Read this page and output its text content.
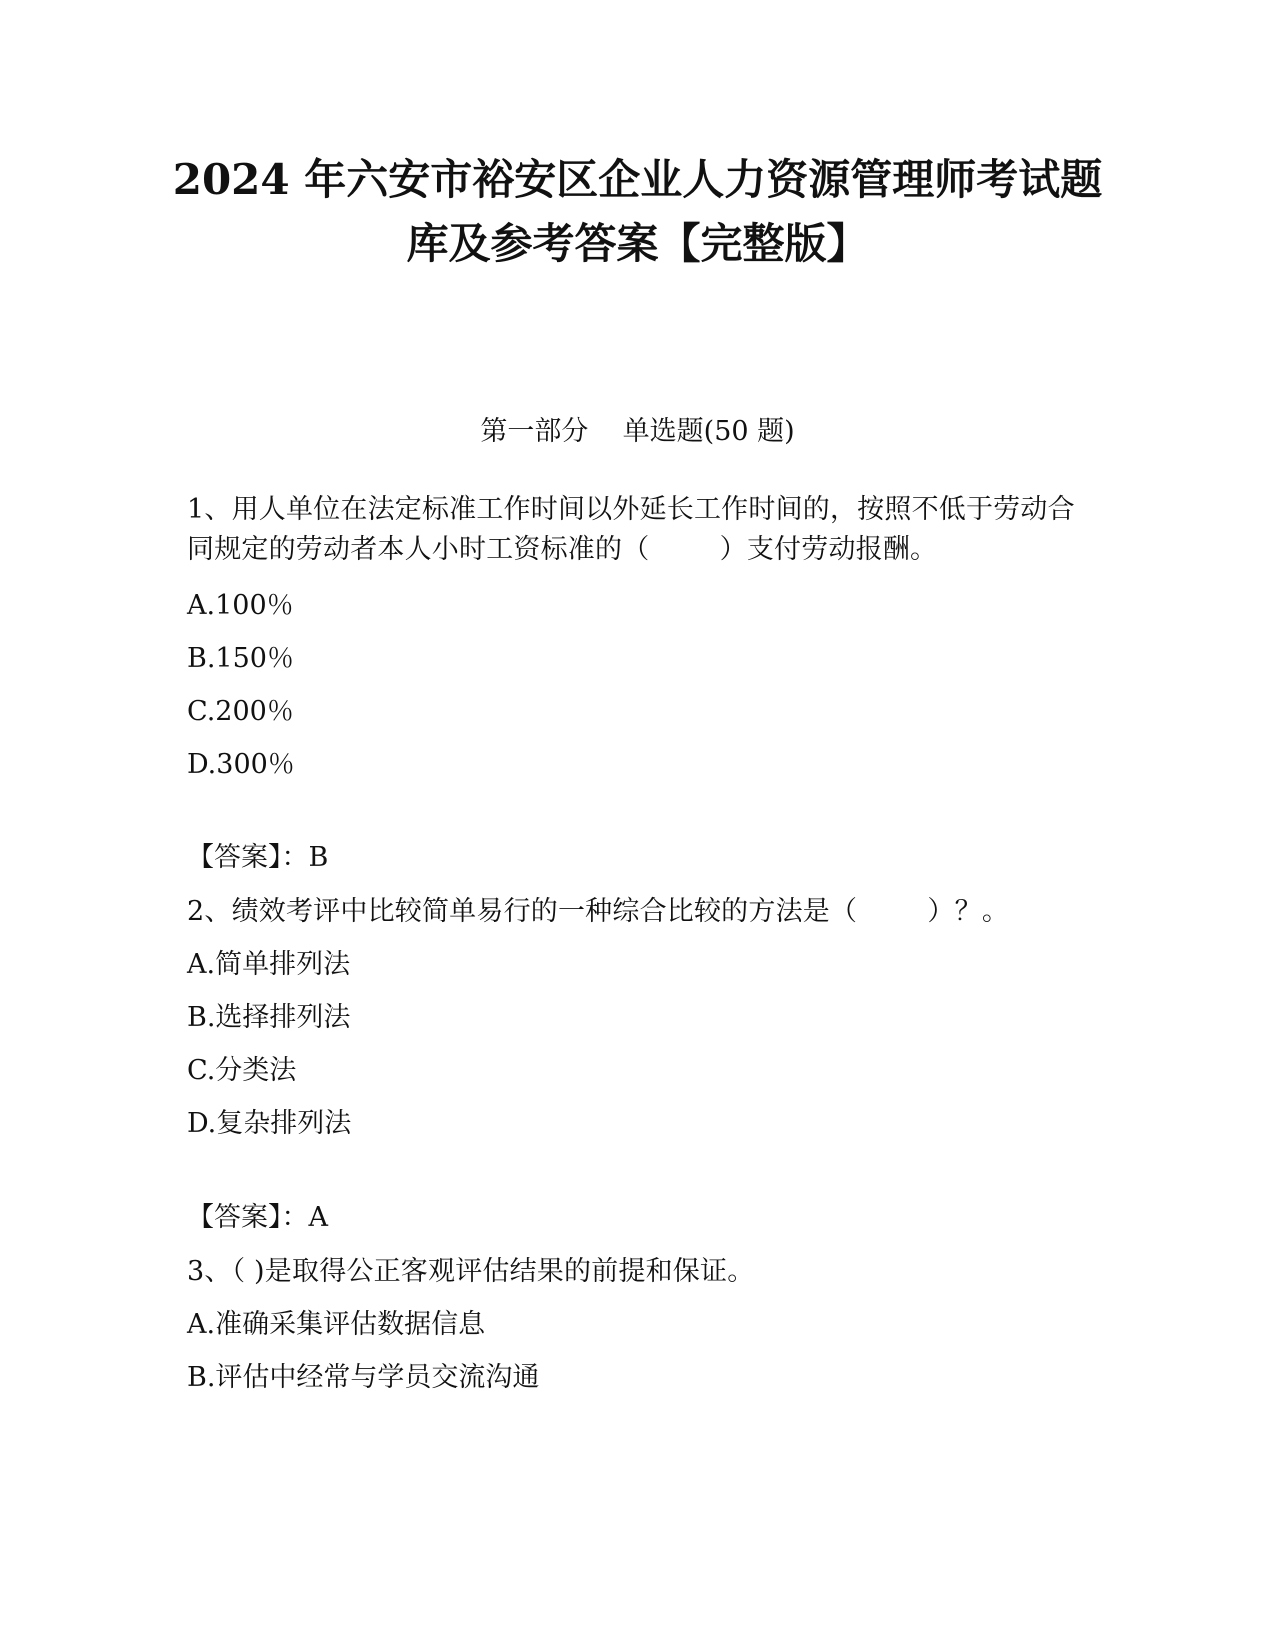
2024 年六安市裕安区企业人力资源管理师考试题
库及参考答案【完整版】

第一部分    单选题(50 题)

1、用人单位在法定标准工作时间以外延长工作时间的，按照不低于劳动合同规定的劳动者本人小时工资标准的（        ）支付劳动报酬。

A.100％

B.150％

C.200％

D.300％

【答案】：B

2、绩效考评中比较简单易行的一种综合比较的方法是（        ）？。

A.简单排列法

B.选择排列法

C.分类法

D.复杂排列法

【答案】：A

3、（ )是取得公正客观评估结果的前提和保证。

A.准确采集评估数据信息

B.评估中经常与学员交流沟通
